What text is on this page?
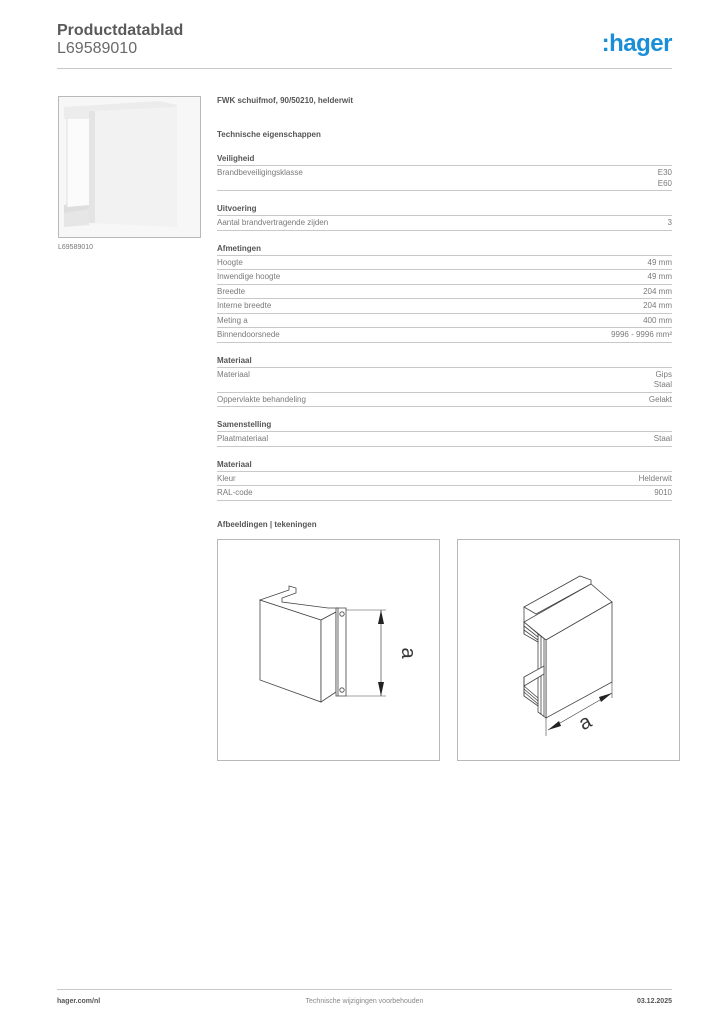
Productdatablad
L69589010	:hager
L69589010
FWK schuifmof, 90/50210, helderwit
Technische eigenschappen
Veiligheid
Brandbeveiligingsklasse	E30
E60
Uitvoering
Aantal brandvertragende zijden	3
Afmetingen
Hoogte	49 mm
Inwendige hoogte	49 mm
Breedte	204 mm
Interne breedte	204 mm
Meting a	400 mm
Binnendoorsnede	9996 - 9996 mm²
Materiaal
Materiaal	Gips
Staal
Oppervlakte behandeling	Gelakt
Samenstelling
Plaatmateriaal	Staal
Materiaal
Kleur	Helderwit
RAL-code	9010
Afbeeldingen | tekeningen
a
a
hager.com/nl	Technische wijzigingen voorbehouden	03.12.2025
